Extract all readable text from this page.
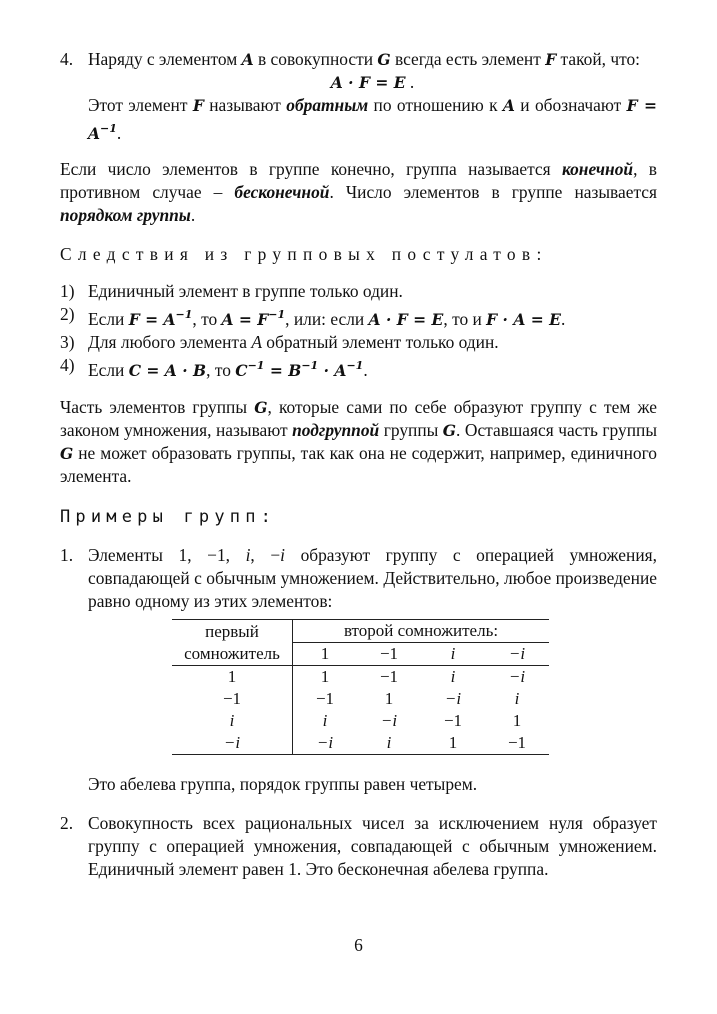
4. Наряду с элементом A в совокупности G всегда есть элемент F такой, что:

A · F = E .

Этот элемент F называют обратным по отношению к A и обозначают $F = A^{-1}$.

Если число элементов в группе конечно, группа называется конечной, в противном случае – бесконечной. Число элементов в группе называется порядком группы.

Следствия из групповых постулатов:

1) Единичный элемент в группе только один.
2) Если $F = A^{-1}$, то $A = F^{-1}$, или: если A · F = E, то и F · A = E.
3) Для любого элемента A обратный элемент только один.
4) Если C = A · B, то $C^{-1} = B^{-1} \cdot A^{-1}$.

Часть элементов группы G, которые сами по себе образуют группу с тем же законом умножения, называют подгруппой группы G. Оставшаяся часть группы G не может образовать группы, так как она не содержит, например, единичного элемента.

Примеры групп:

1. Элементы 1, −1, i, −i образуют группу с операцией умножения, совпадающей с обычным умножением. Действительно, любое произведение равно одному из этих элементов:

первый	второй сомножитель:			
сомножитель	1	−1	i	−i
1	1	−1	i	−i
−1	−1	1	−i	i
i	i	−i	−1	1
−i	−i	i	1	−1

Это абелева группа, порядок группы равен четырем.

2. Совокупность всех рациональных чисел за исключением нуля образует группу с операцией умножения, совпадающей с обычным умножением. Единичный элемент равен 1. Это бесконечная абелева группа.

6
